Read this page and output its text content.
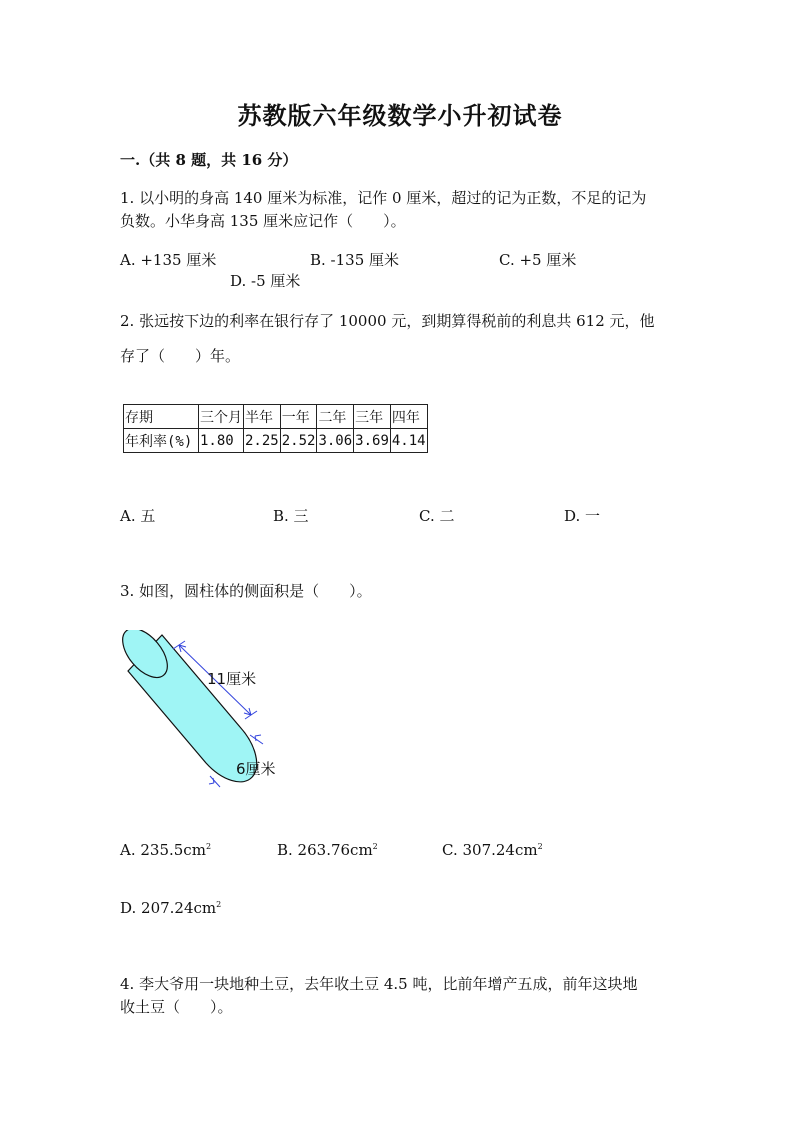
苏教版六年级数学小升初试卷
一.（共 8 题，共 16 分）
1. 以小明的身高 140 厘米为标准，记作 0 厘米，超过的记为正数，不足的记为
负数。小华身高 135 厘米应记作（　　）。
A. +135 厘米	B. -135 厘米	C. +5 厘米
D. -5 厘米
2. 张远按下边的利率在银行存了 10000 元，到期算得税前的利息共 612 元，他
存了（　　）年。
存期	三个月	半年	一年	二年	三年	四年
年利率(%)	1.80	2.25	2.52	3.06	3.69	4.14
A. 五	B. 三	C. 二	D. 一
3. 如图，圆柱体的侧面积是（　　）。
11厘米
6厘米
A. $235.5cm^2$	B. $263.76cm^2$	C. $307.24cm^2$
D. $207.24cm^2$
4. 李大爷用一块地种土豆，去年收土豆 4.5 吨，比前年增产五成，前年这块地
收土豆（　　）。
